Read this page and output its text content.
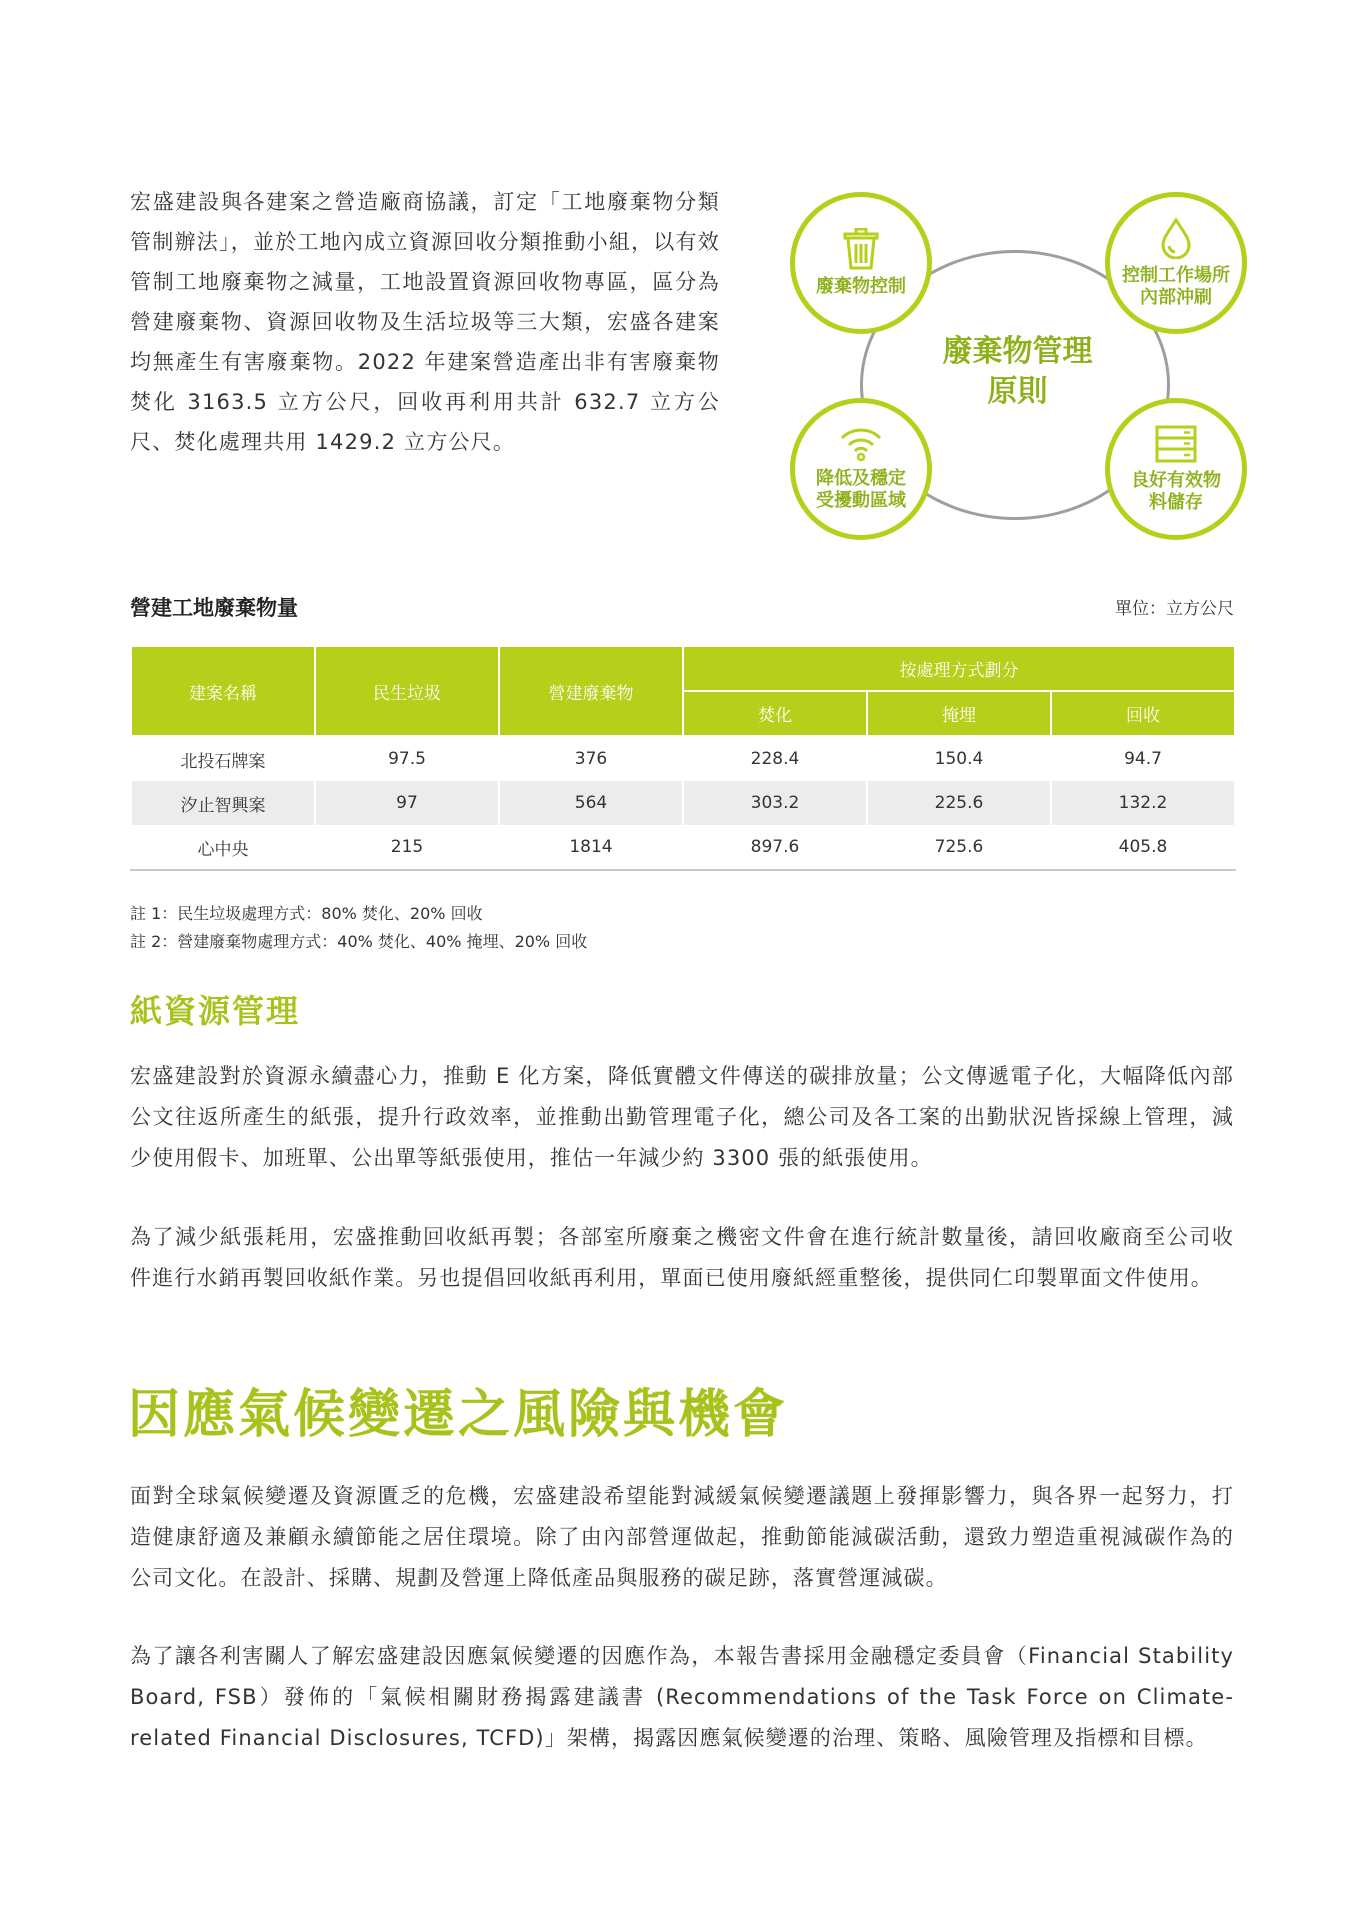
宏盛建設與各建案之營造廠商協議，訂定「工地廢棄物分類管制辦法」，並於工地內成立資源回收分類推動小組，以有效管制工地廢棄物之減量，工地設置資源回收物專區，區分為營建廢棄物、資源回收物及生活垃圾等三大類，宏盛各建案均無產生有害廢棄物。2022 年建案營造產出非有害廢棄物焚化 3163.5 立方公尺，回收再利用共計 632.7 立方公尺、焚化處理共用 1429.2 立方公尺。

廢棄物管理原則
廢棄物控制
控制工作場所內部沖刷
降低及穩定受擾動區域
良好有效物料儲存
營建工地廢棄物量	單位：立方公尺
建案名稱	民生垃圾	營建廢棄物	按處理方式劃分		
			焚化	掩埋	回收
北投石牌案	97.5	376	228.4	150.4	94.7
汐止智興案	97	564	303.2	225.6	132.2
心中央	215	1814	897.6	725.6	405.8
註 1：民生垃圾處理方式：80% 焚化、20% 回收
註 2：營建廢棄物處理方式：40% 焚化、40% 掩埋、20% 回收
紙資源管理

宏盛建設對於資源永續盡心力，推動 E 化方案，降低實體文件傳送的碳排放量；公文傳遞電子化，大幅降低內部公文往返所產生的紙張，提升行政效率，並推動出勤管理電子化，總公司及各工案的出勤狀況皆採線上管理，減少使用假卡、加班單、公出單等紙張使用，推估一年減少約 3300 張的紙張使用。

為了減少紙張耗用，宏盛推動回收紙再製；各部室所廢棄之機密文件會在進行統計數量後，請回收廠商至公司收件進行水銷再製回收紙作業。另也提倡回收紙再利用，單面已使用廢紙經重整後，提供同仁印製單面文件使用。

因應氣候變遷之風險與機會

面對全球氣候變遷及資源匱乏的危機，宏盛建設希望能對減緩氣候變遷議題上發揮影響力，與各界一起努力，打造健康舒適及兼顧永續節能之居住環境。除了由內部營運做起，推動節能減碳活動，還致力塑造重視減碳作為的公司文化。在設計、採購、規劃及營運上降低產品與服務的碳足跡，落實營運減碳。

為了讓各利害關人了解宏盛建設因應氣候變遷的因應作為，本報告書採用金融穩定委員會（Financial Stability Board, FSB）發佈的「氣候相關財務揭露建議書 (Recommendations of the Task Force on Climate-related Financial Disclosures, TCFD)」架構，揭露因應氣候變遷的治理、策略、風險管理及指標和目標。
